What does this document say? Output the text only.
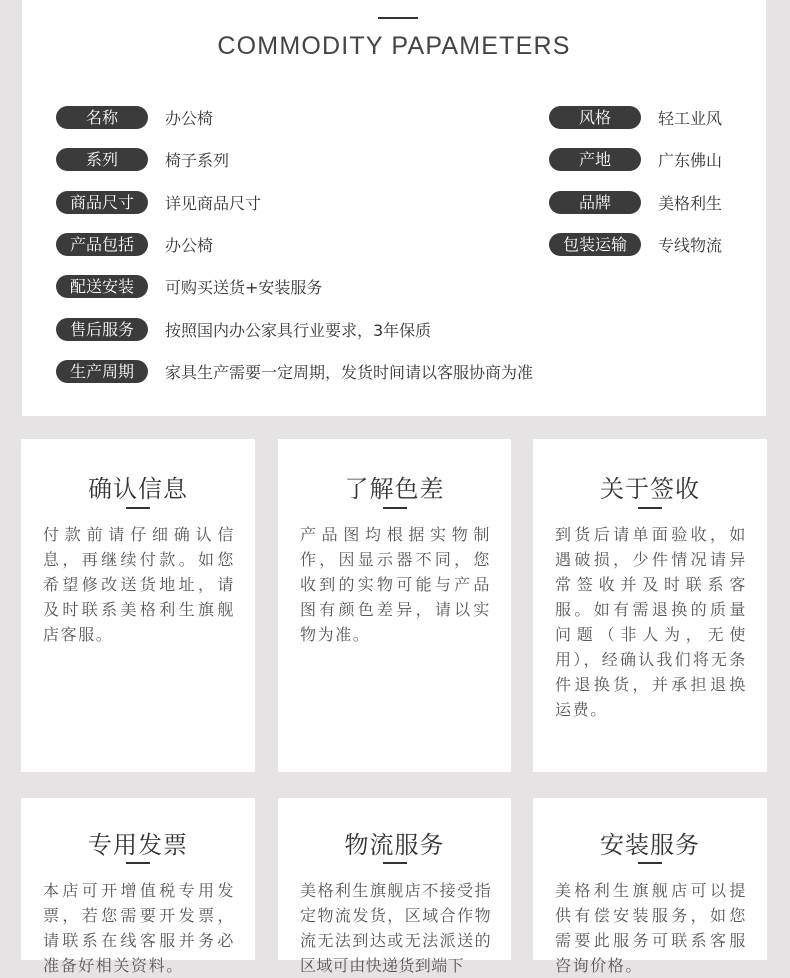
COMMODITY PAPAMETERS
名称	办公椅
系列	椅子系列
商品尺寸	详见商品尺寸
产品包括	办公椅
配送安装	可购买送货+安装服务
售后服务	按照国内办公家具行业要求，3年保质
生产周期	家具生产需要一定周期，发货时间请以客服协商为准
风格	轻工业风
产地	广东佛山
品牌	美格利生
包装运输	专线物流
确认信息
付款前请仔细确认信息，再继续付款。如您希望修改送货地址，请及时联系美格利生旗舰店客服。
了解色差
产品图均根据实物制作，因显示器不同，您收到的实物可能与产品图有颜色差异，请以实物为准。
关于签收
到货后请单面验收，如遇破损，少件情况请异常签收并及时联系客服。如有需退换的质量问题（非人为，无使用），经确认我们将无条件退换货，并承担退换运费。
专用发票
本店可开增值税专用发票，若您需要开发票，请联系在线客服并务必准备好相关资料。
物流服务
美格利生旗舰店不接受指定物流发货，区域合作物流无法到达或无法派送的区域可由快递货到端下
安装服务
美格利生旗舰店可以提供有偿安装服务，如您需要此服务可联系客服咨询价格。
